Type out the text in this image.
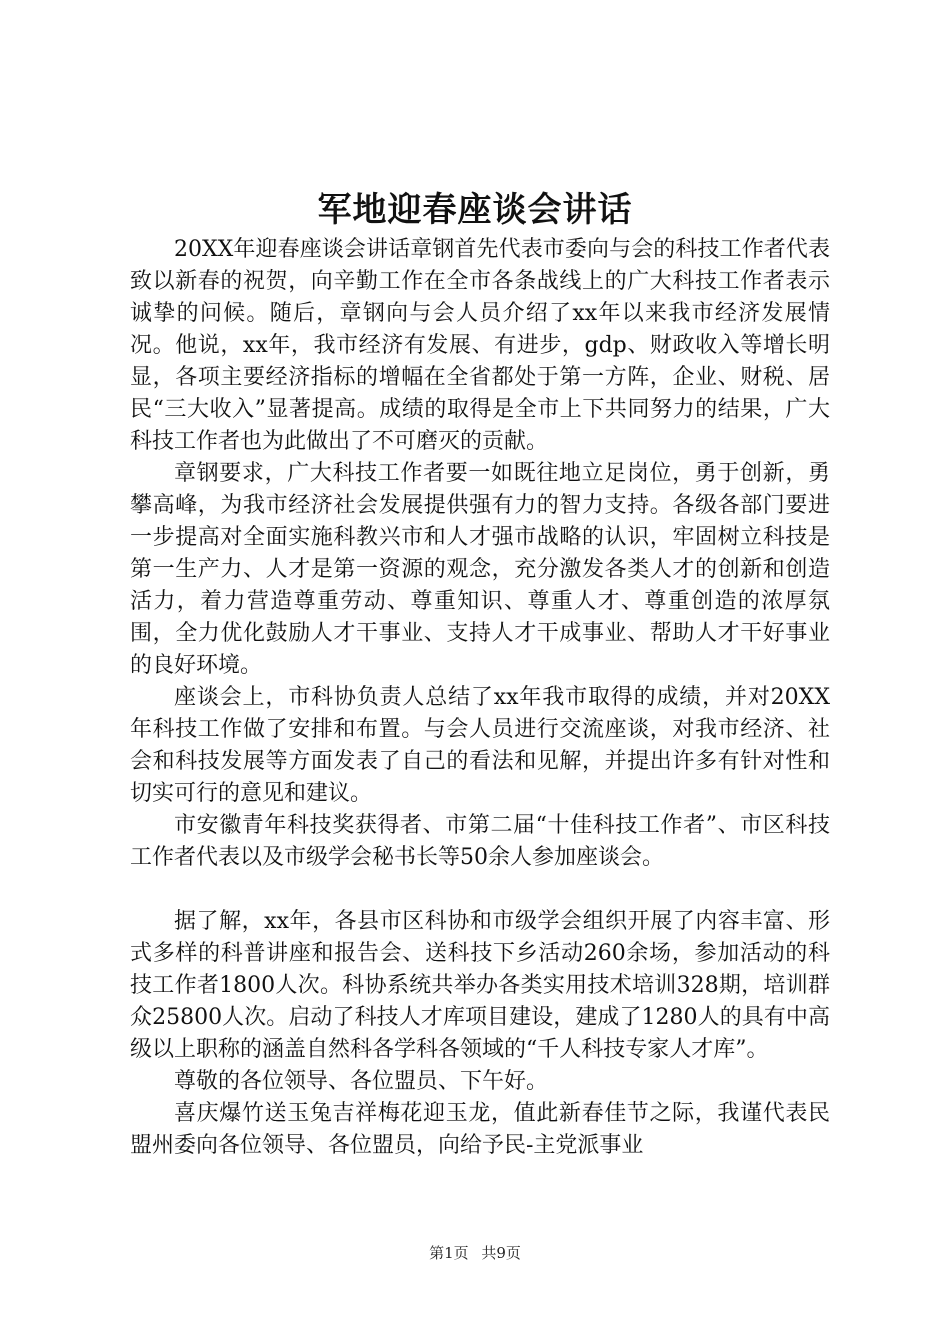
军地迎春座谈会讲话

20XX年迎春座谈会讲话章钢首先代表市委向与会的科技工作者代表致以新春的祝贺，向辛勤工作在全市各条战线上的广大科技工作者表示诚挚的问候。随后，章钢向与会人员介绍了xx年以来我市经济发展情况。他说，xx年，我市经济有发展、有进步，gdp、财政收入等增长明显，各项主要经济指标的增幅在全省都处于第一方阵，企业、财税、居民“三大收入”显著提高。成绩的取得是全市上下共同努力的结果，广大科技工作者也为此做出了不可磨灭的贡献。

章钢要求，广大科技工作者要一如既往地立足岗位，勇于创新，勇攀高峰，为我市经济社会发展提供强有力的智力支持。各级各部门要进一步提高对全面实施科教兴市和人才强市战略的认识，牢固树立科技是第一生产力、人才是第一资源的观念，充分激发各类人才的创新和创造活力，着力营造尊重劳动、尊重知识、尊重人才、尊重创造的浓厚氛围，全力优化鼓励人才干事业、支持人才干成事业、帮助人才干好事业的良好环境。

座谈会上，市科协负责人总结了xx年我市取得的成绩，并对20XX年科技工作做了安排和布置。与会人员进行交流座谈，对我市经济、社会和科技发展等方面发表了自己的看法和见解，并提出许多有针对性和切实可行的意见和建议。

市安徽青年科技奖获得者、市第二届“十佳科技工作者”、市区科技工作者代表以及市级学会秘书长等50余人参加座谈会。

据了解，xx年，各县市区科协和市级学会组织开展了内容丰富、形式多样的科普讲座和报告会、送科技下乡活动260余场，参加活动的科技工作者1800人次。科协系统共举办各类实用技术培训328期，培训群众25800人次。启动了科技人才库项目建设，建成了1280人的具有中高级以上职称的涵盖自然科各学科各领域的“千人科技专家人才库”。

尊敬的各位领导、各位盟员、下午好。

喜庆爆竹送玉兔吉祥梅花迎玉龙，值此新春佳节之际，我谨代表民盟州委向各位领导、各位盟员，向给予民-主党派事业

第1页 共9页
